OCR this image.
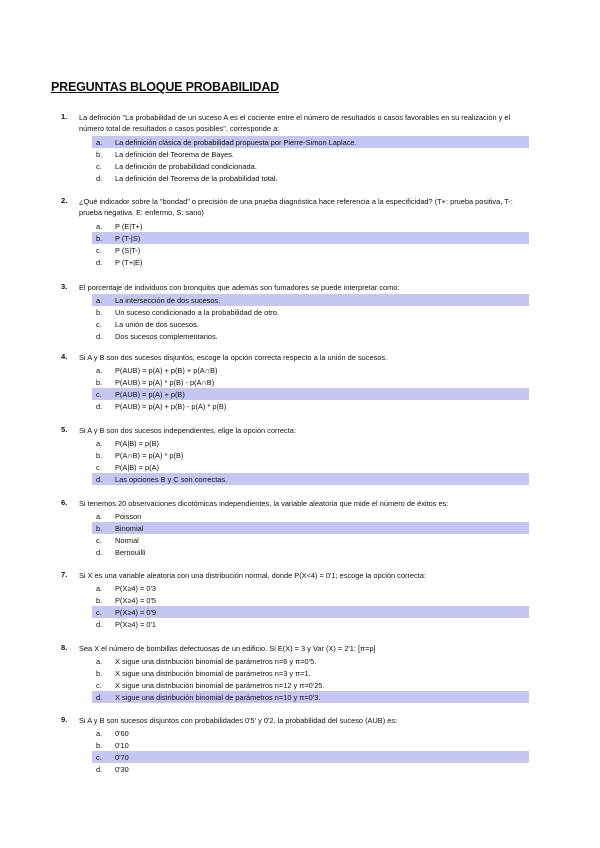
PREGUNTAS BLOQUE PROBABILIDAD
1. La definición "La probabilidad de un suceso A es el cociente entre el número de resultados o casos favorables en su realización y el número total de resultados o casos posibles", corresponde a:
a. La definición clásica de probabilidad propuesta por Pierre-Simon Laplace.
b. La definición del Teorema de Bayes.
c. La definición de probabilidad condicionada.
d. La definición del Teorema de la probabilidad total.
2. ¿Qué indicador sobre la "bondad" o precisión de una prueba diagnóstica hace referencia a la especificidad? (T+: prueba positiva, T-: prueba negativa. E: enfermo, S: sano)
a. P (E|T+)
b. P (T-|S)
c. P (S|T-)
d. P (T+|E)
3. El porcentaje de individuos con bronquitis que además son fumadores se puede interpretar como:
a. La intersección de dos sucesos.
b. Un suceso condicionado a la probabilidad de otro.
c. La unión de dos sucesos.
d. Dos sucesos complementarios.
4. Si A y B son dos sucesos disjuntos, escoge la opción correcta respecto a la unión de sucesos.
a. P(AUB) = p(A) + p(B) + p(A∩B)
b. P(AUB) = p(A) * p(B) - p(A∩B)
c. P(AUB) = p(A) + p(B)
d. P(AUB) = p(A) + p(B) - p(A) * p(B)
5. Si A y B son dos sucesos independientes, elige la opción correcta:
a. P(A|B) = p(B)
b. P(A∩B) = p(A) * p(B)
c. P(A|B) = p(A)
d. Las opciones B y C son correctas.
6. Si tenemos 20 observaciones dicotómicas independientes, la variable aleatoria que mide el número de éxitos es:
a. Poisson
b. Binomial
c. Normal
d. Bernouilli
7. Si X es una variable aleatoria con una distribución normal, donde P(X<4) = 0'1; escoge la opción correcta:
a. P(X≥4) = 0'3
b. P(X≥4) = 0'5
c. P(X≥4) = 0'9
d. P(X≥4) = 0'1
8. Sea X el número de bombillas defectuosas de un edificio. Si E(X) = 3 y Var (X) = 2'1: [π=p]
a. X sigue una distribución binomial de parámetros n=6 y π=0'5.
b. X sigue una distribución binomial de parámetros n=3 y π=1.
c. X sigue una distribución binomial de parámetros n=12 y π=0'25.
d. X sigue una distribución binomial de parámetros n=10 y π=0'3.
9. Si A y B son sucesos disjuntos con probabilidades 0'5' y 0'2, la probabilidad del suceso (AUB) es:
a. 0'60
b. 0'10
c. 0'70
d. 0'30
